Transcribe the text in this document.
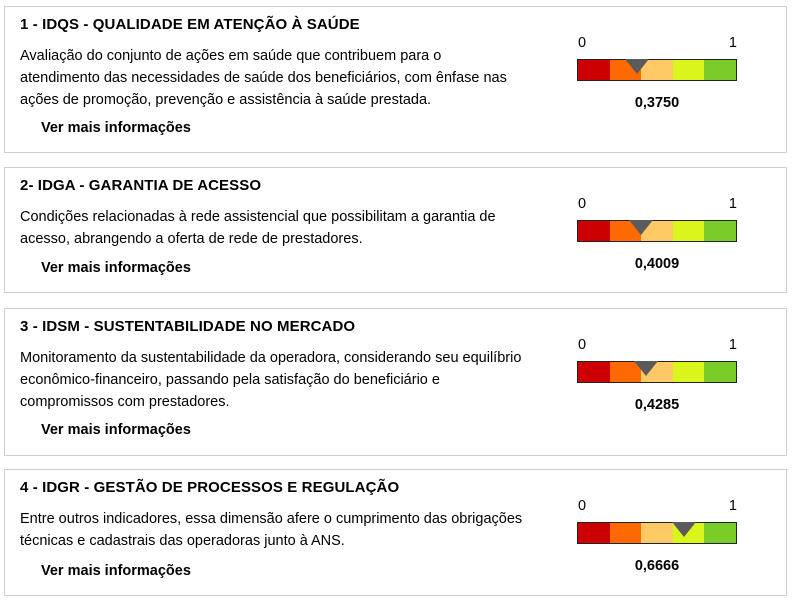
1 - IDQS - QUALIDADE EM ATENÇÃO À SAÚDE
Avaliação do conjunto de ações em saúde que contribuem para o atendimento das necessidades de saúde dos beneficiários, com ênfase nas ações de promoção, prevenção e assistência à saúde prestada.
Ver mais informações
0	1
0,3750
2- IDGA - GARANTIA DE ACESSO
Condições relacionadas à rede assistencial que possibilitam a garantia de acesso, abrangendo a oferta de rede de prestadores.
Ver mais informações
0	1
0,4009
3 - IDSM - SUSTENTABILIDADE NO MERCADO
Monitoramento da sustentabilidade da operadora, considerando seu equilíbrio econômico-financeiro, passando pela satisfação do beneficiário e compromissos com prestadores.
Ver mais informações
0	1
0,4285
4 - IDGR - GESTÃO DE PROCESSOS E REGULAÇÃO
Entre outros indicadores, essa dimensão afere o cumprimento das obrigações técnicas e cadastrais das operadoras junto à ANS.
Ver mais informações
0	1
0,6666
